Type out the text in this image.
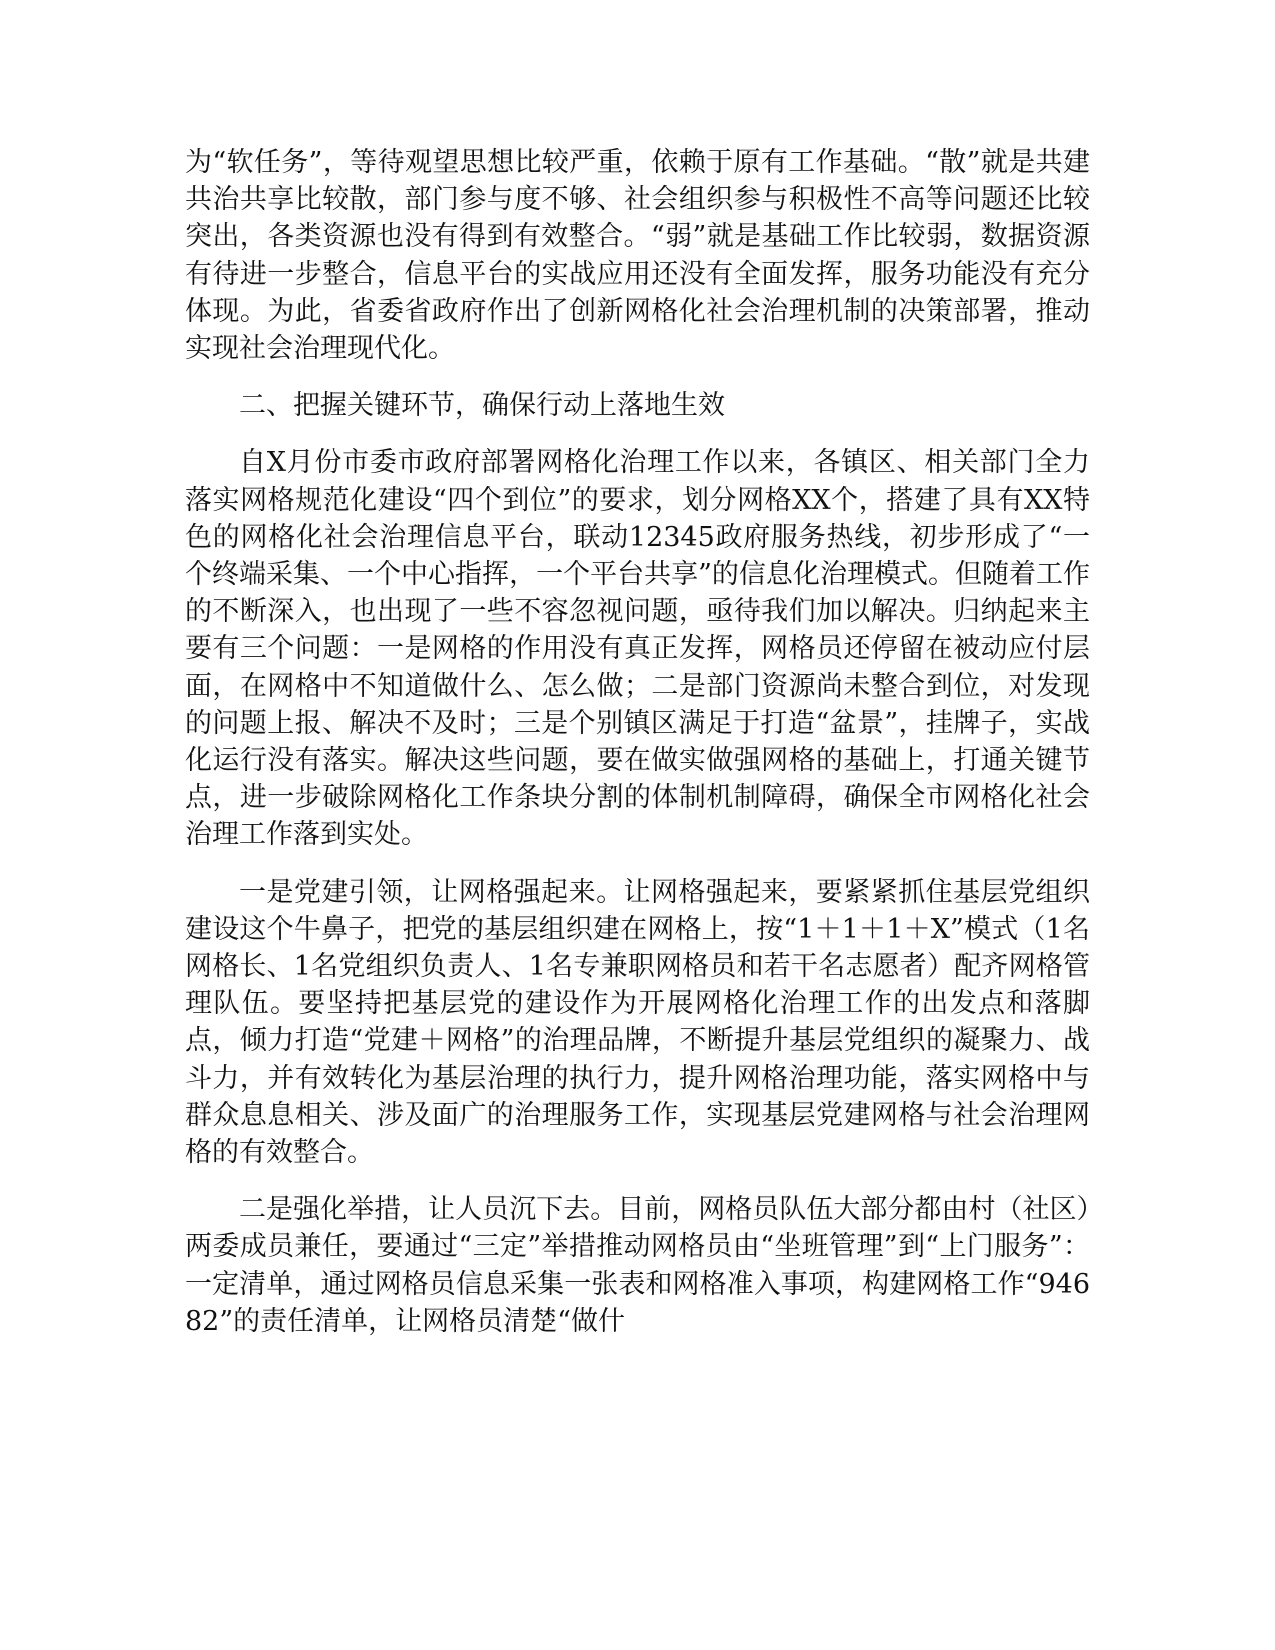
为“软任务”，等待观望思想比较严重，依赖于原有工作基础。“散”就是共建共治共享比较散，部门参与度不够、社会组织参与积极性不高等问题还比较突出，各类资源也没有得到有效整合。“弱”就是基础工作比较弱，数据资源有待进一步整合，信息平台的实战应用还没有全面发挥，服务功能没有充分体现。为此，省委省政府作出了创新网格化社会治理机制的决策部署，推动实现社会治理现代化。

二、把握关键环节，确保行动上落地生效

自X月份市委市政府部署网格化治理工作以来，各镇区、相关部门全力落实网格规范化建设“四个到位”的要求，划分网格XX个，搭建了具有XX特色的网格化社会治理信息平台，联动12345政府服务热线，初步形成了“一个终端采集、一个中心指挥，一个平台共享”的信息化治理模式。但随着工作的不断深入，也出现了一些不容忽视问题，亟待我们加以解决。归纳起来主要有三个问题：一是网格的作用没有真正发挥，网格员还停留在被动应付层面，在网格中不知道做什么、怎么做；二是部门资源尚未整合到位，对发现的问题上报、解决不及时；三是个别镇区满足于打造“盆景”，挂牌子，实战化运行没有落实。解决这些问题，要在做实做强网格的基础上，打通关键节点，进一步破除网格化工作条块分割的体制机制障碍，确保全市网格化社会治理工作落到实处。

一是党建引领，让网格强起来。让网格强起来，要紧紧抓住基层党组织建设这个牛鼻子，把党的基层组织建在网格上，按“1＋1＋1＋X”模式（1名网格长、1名党组织负责人、1名专兼职网格员和若干名志愿者）配齐网格管理队伍。要坚持把基层党的建设作为开展网格化治理工作的出发点和落脚点，倾力打造“党建＋网格”的治理品牌，不断提升基层党组织的凝聚力、战斗力，并有效转化为基层治理的执行力，提升网格治理功能，落实网格中与群众息息相关、涉及面广的治理服务工作，实现基层党建网格与社会治理网格的有效整合。

二是强化举措，让人员沉下去。目前，网格员队伍大部分都由村（社区）两委成员兼任，要通过“三定”举措推动网格员由“坐班管理”到“上门服务”：一定清单，通过网格员信息采集一张表和网格准入事项，构建网格工作“94682”的责任清单，让网格员清楚“做什
